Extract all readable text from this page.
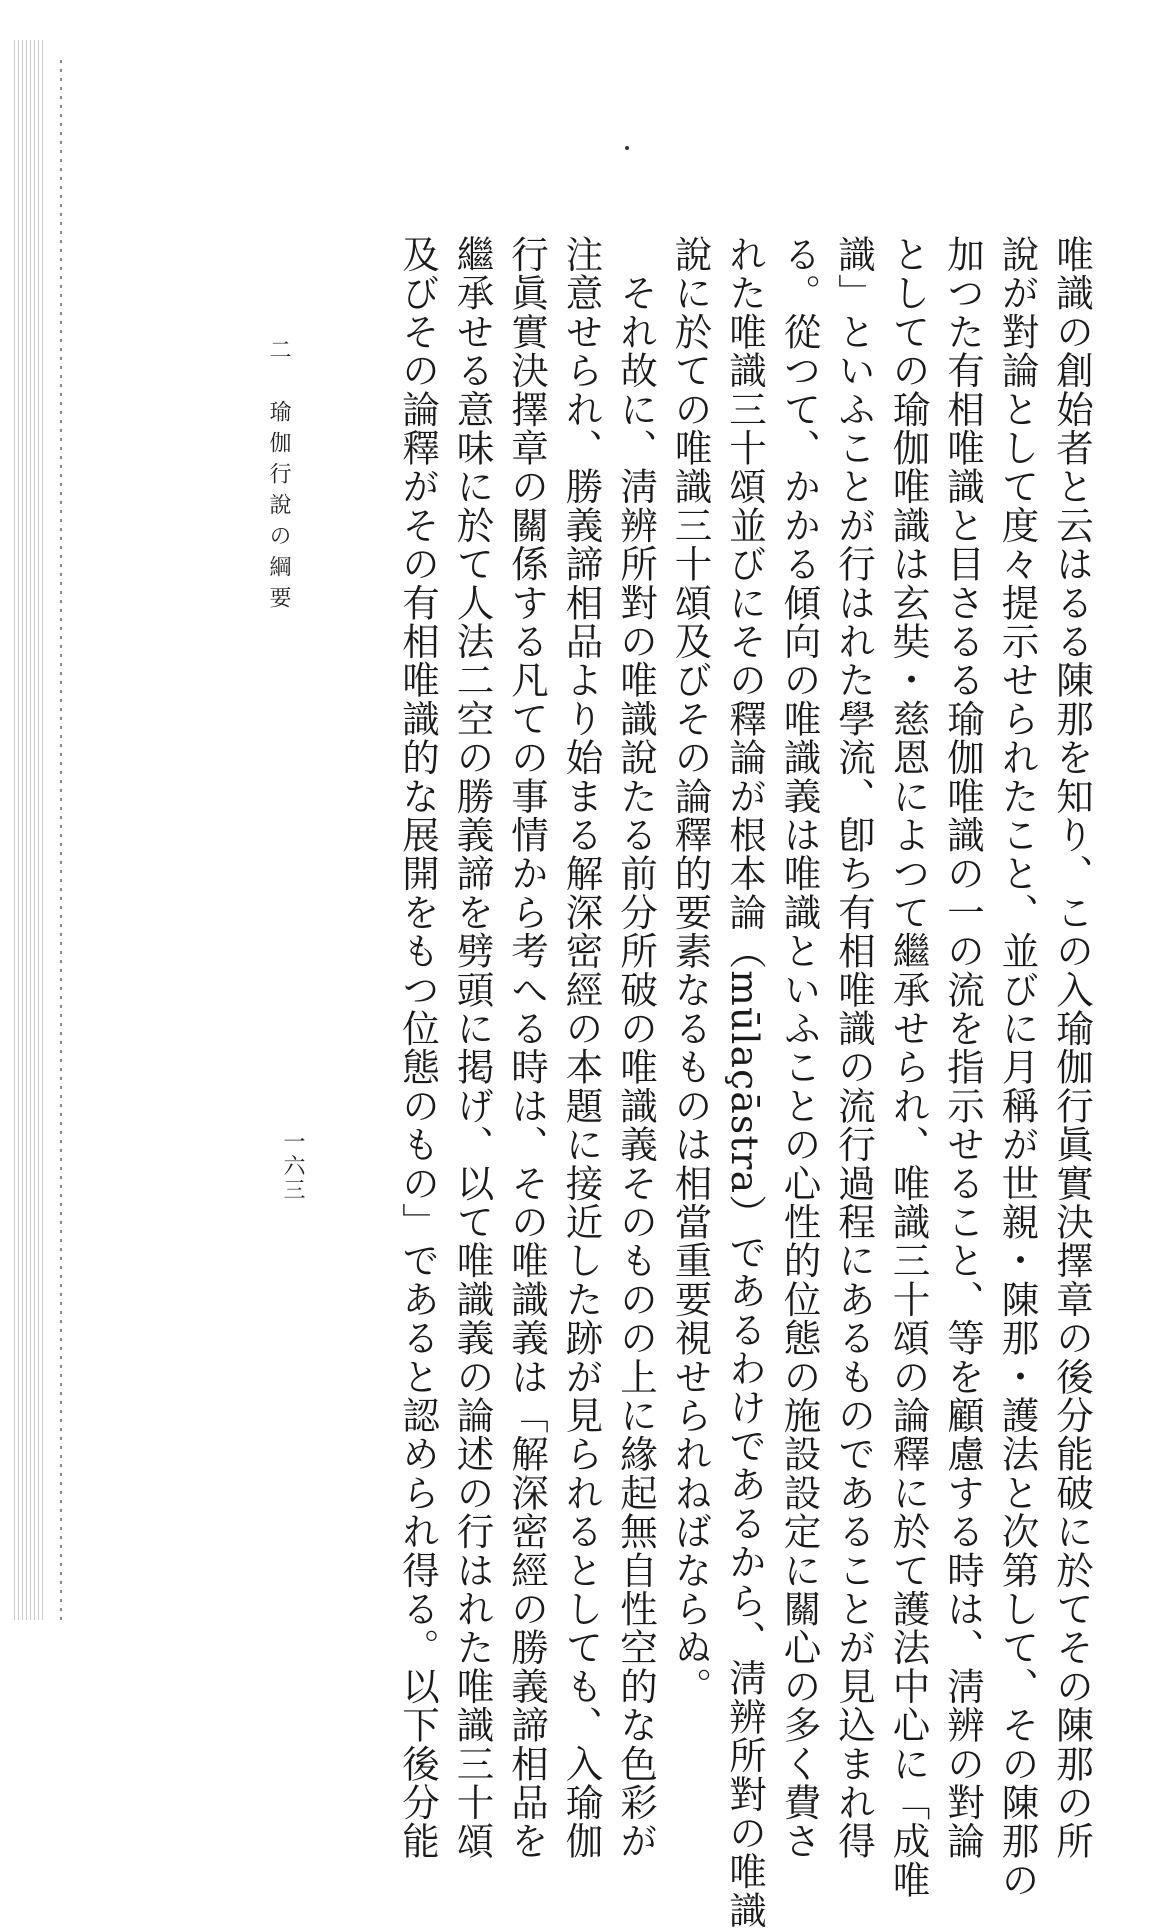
唯識の創始者と云はるる陳那を知り、この入瑜伽行眞實決擇章の後分能破に於てその陳那の所
說が對論として度々提示せられたこと、並びに月稱が世親・陳那・護法と次第して、その陳那の
加つた有相唯識と目さるる瑜伽唯識の一の流を指示せること、等を顧慮する時は、淸辨の對論
としての瑜伽唯識は玄奘・慈恩によつて繼承せられ、唯識三十頌の論釋に於て護法中心に「成唯
識」といふことが行はれた學流、卽ち有相唯識の流行過程にあるものであることが見込まれ得
る。從つて、かかる傾向の唯識義は唯識といふことの心性的位態の施設設定に關心の多く費さ
れた唯識三十頌並びにその釋論が根本論（mūlaçāstra）であるわけであるから、淸辨所對の唯識
說に於ての唯識三十頌及びその論釋的要素なるものは相當重要視せられねばならぬ。
　それ故に、淸辨所對の唯識說たる前分所破の唯識義そのものの上に緣起無自性空的な色彩が
注意せられ、勝義諦相品より始まる解深密經の本題に接近した跡が見られるとしても、入瑜伽
行眞實決擇章の關係する凡ての事情から考へる時は、その唯識義は「解深密經の勝義諦相品を
繼承せる意味に於て人法二空の勝義諦を劈頭に掲げ、以て唯識義の論述の行はれた唯識三十頌
及びその論釋がその有相唯識的な展開をもつ位態のもの」であると認められ得る。以下後分能
二　瑜伽行說の綱要
一六三
